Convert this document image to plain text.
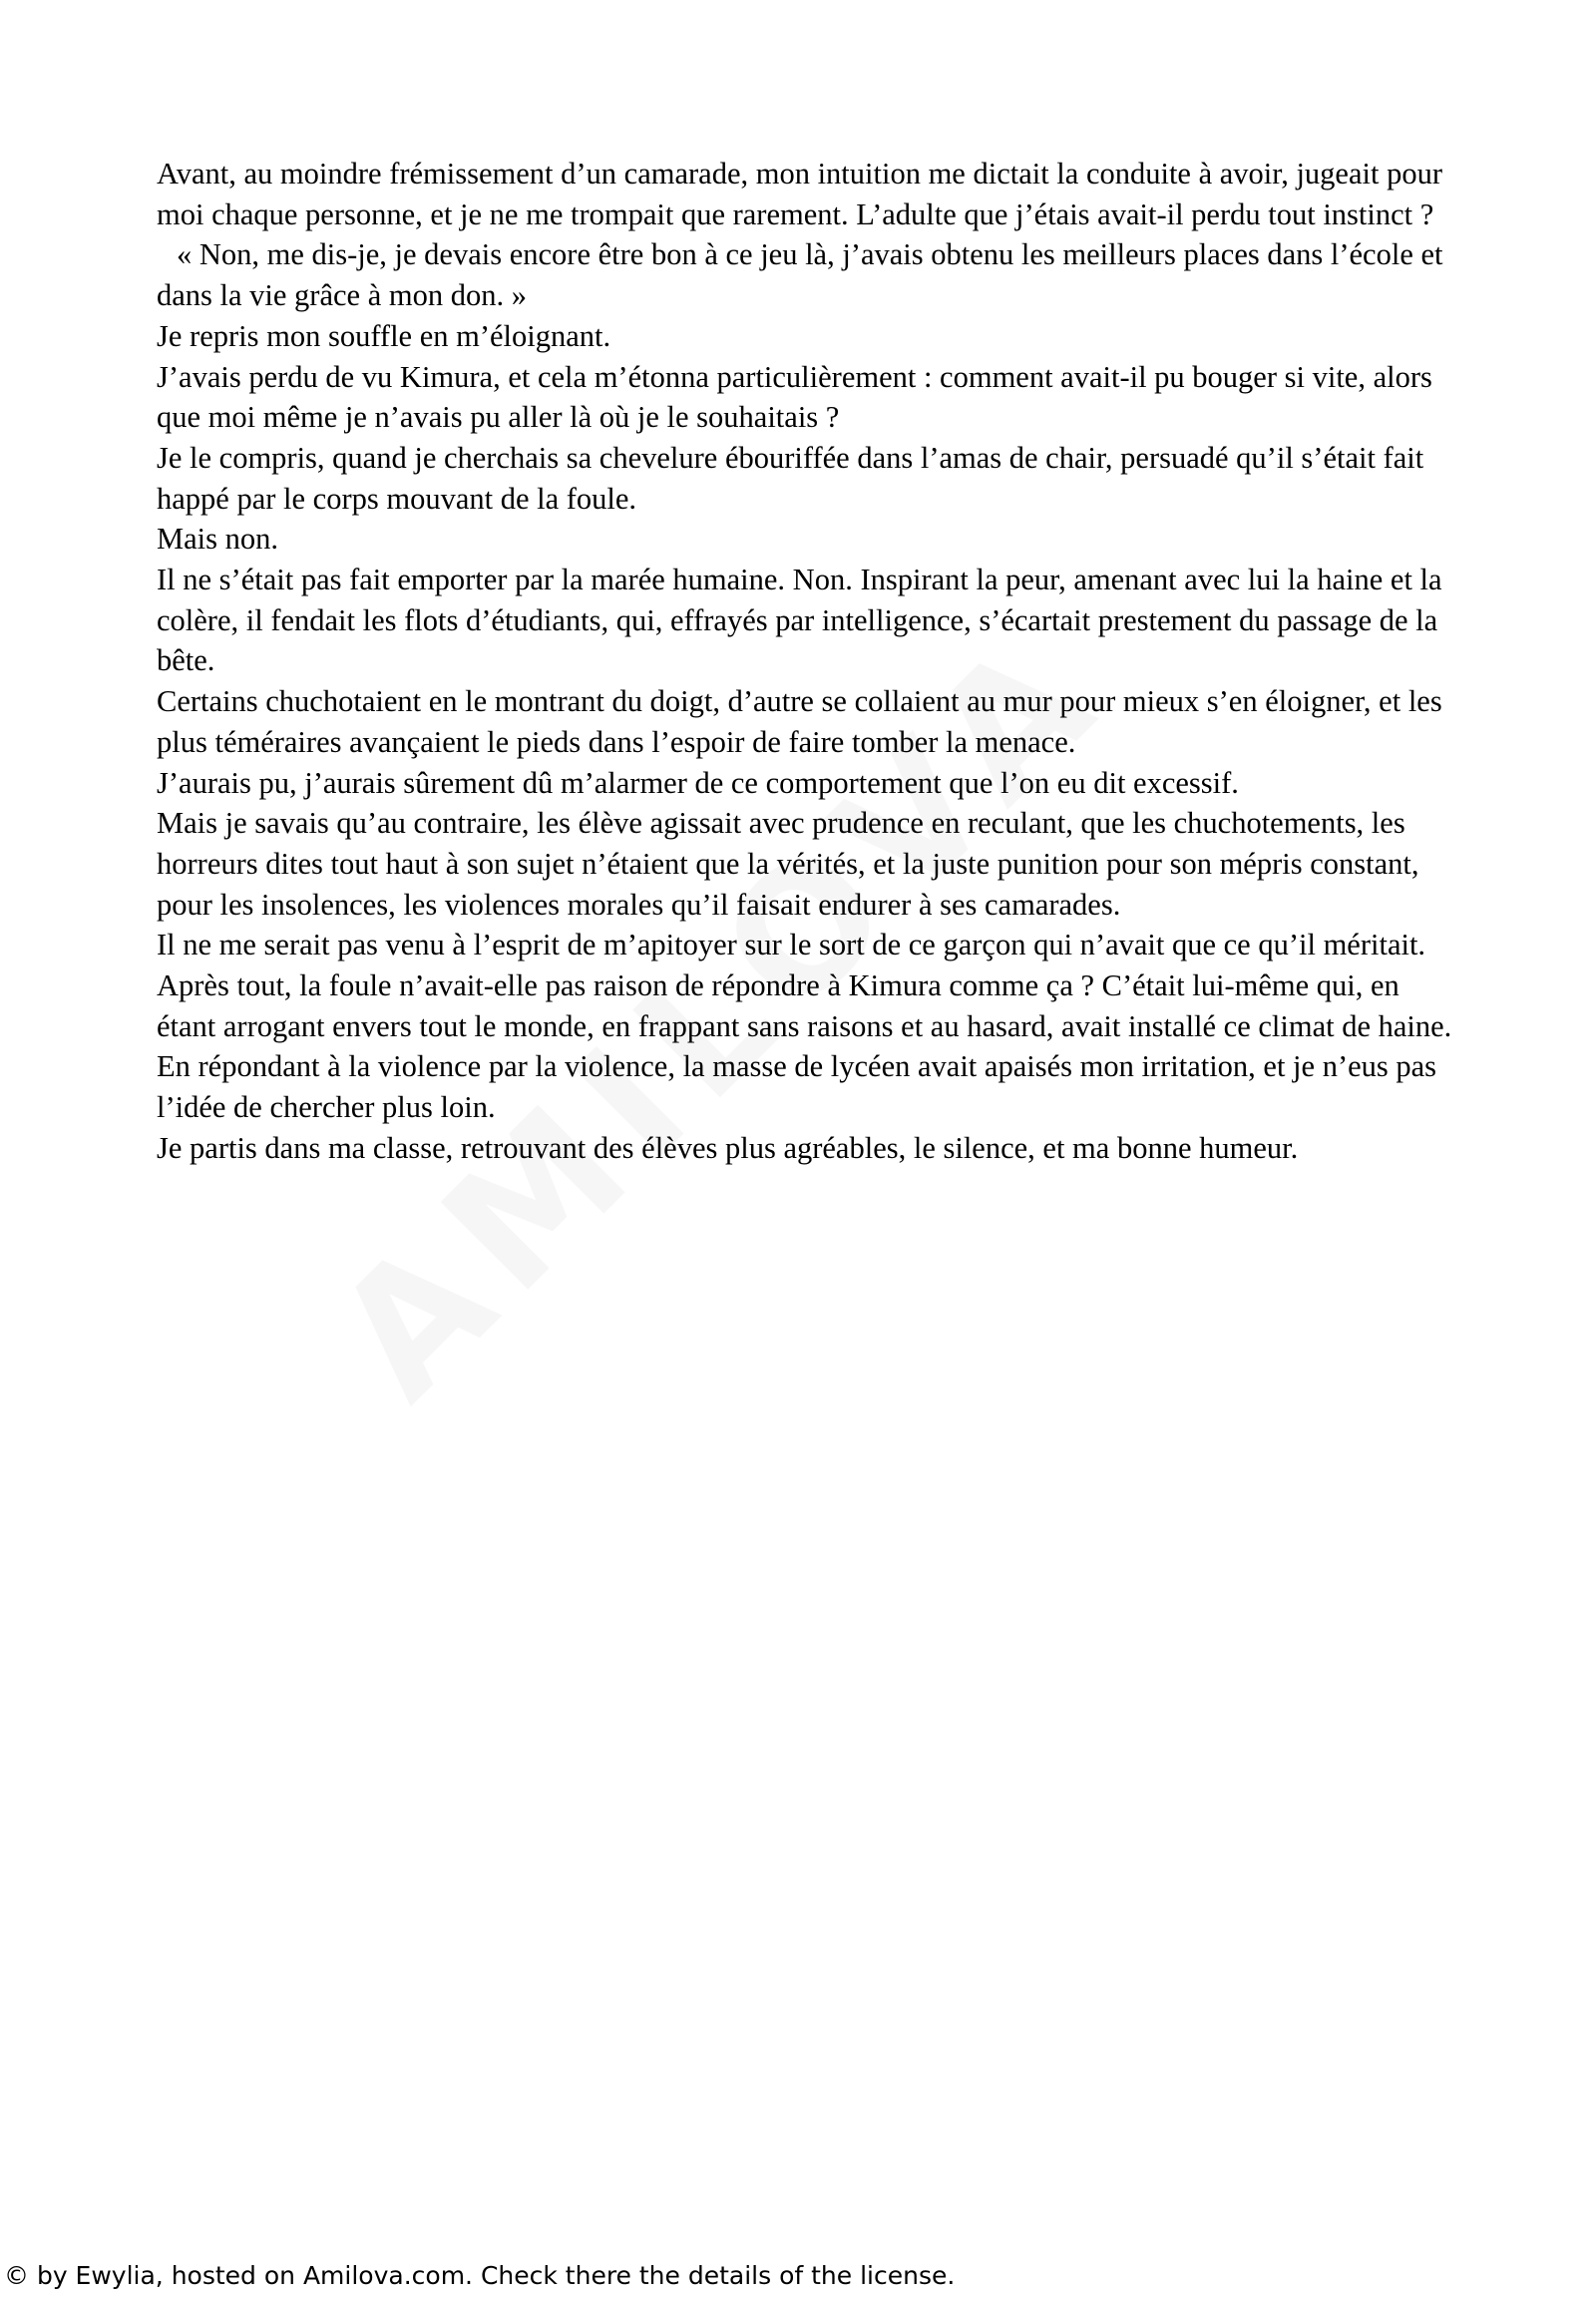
Avant, au moindre frémissement d’un camarade, mon intuition me dictait la conduite à avoir, jugeait pour moi chaque personne, et je ne me trompait que rarement. L’adulte que j’étais avait-il perdu tout instinct ?

« Non, me dis-je, je devais encore être bon à ce jeu là, j’avais obtenu les meilleurs places dans l’école et dans la vie grâce à mon don. »

Je repris mon souffle en m’éloignant.

J’avais perdu de vu Kimura, et cela m’étonna particulièrement : comment avait-il pu bouger si vite, alors que moi même je n’avais pu aller là où je le souhaitais ?

Je le compris, quand je cherchais sa chevelure ébouriffée dans l’amas de chair, persuadé qu’il s’était fait happé par le corps mouvant de la foule.

Mais non.

Il ne s’était pas fait emporter par la marée humaine. Non. Inspirant la peur, amenant avec lui la haine et la colère, il fendait les flots d’étudiants, qui, effrayés par intelligence, s’écartait prestement du passage de la bête.

Certains chuchotaient en le montrant du doigt, d’autre se collaient au mur pour mieux s’en éloigner, et les plus téméraires avançaient le pieds dans l’espoir de faire tomber la menace.

J’aurais pu, j’aurais sûrement dû m’alarmer de ce comportement que l’on eu dit excessif.

Mais je savais qu’au contraire, les élève agissait avec prudence en reculant, que les chuchotements, les horreurs dites tout haut à son sujet n’étaient que la vérités, et la juste punition pour son mépris constant, pour les insolences, les violences morales qu’il faisait endurer à ses camarades.

Il ne me serait pas venu à l’esprit de m’apitoyer sur le sort de ce garçon qui n’avait que ce qu’il méritait.

Après tout, la foule n’avait-elle pas raison de répondre à Kimura comme ça ? C’était lui-même qui, en étant arrogant envers tout le monde, en frappant sans raisons et au hasard, avait installé ce climat de haine.

En répondant à la violence par la violence, la masse de lycéen avait apaisés mon irritation, et je n’eus pas l’idée de chercher plus loin.

Je partis dans ma classe, retrouvant des élèves plus agréables, le silence, et ma bonne humeur.

© by Ewylia, hosted on Amilova.com. Check there the details of the license.
